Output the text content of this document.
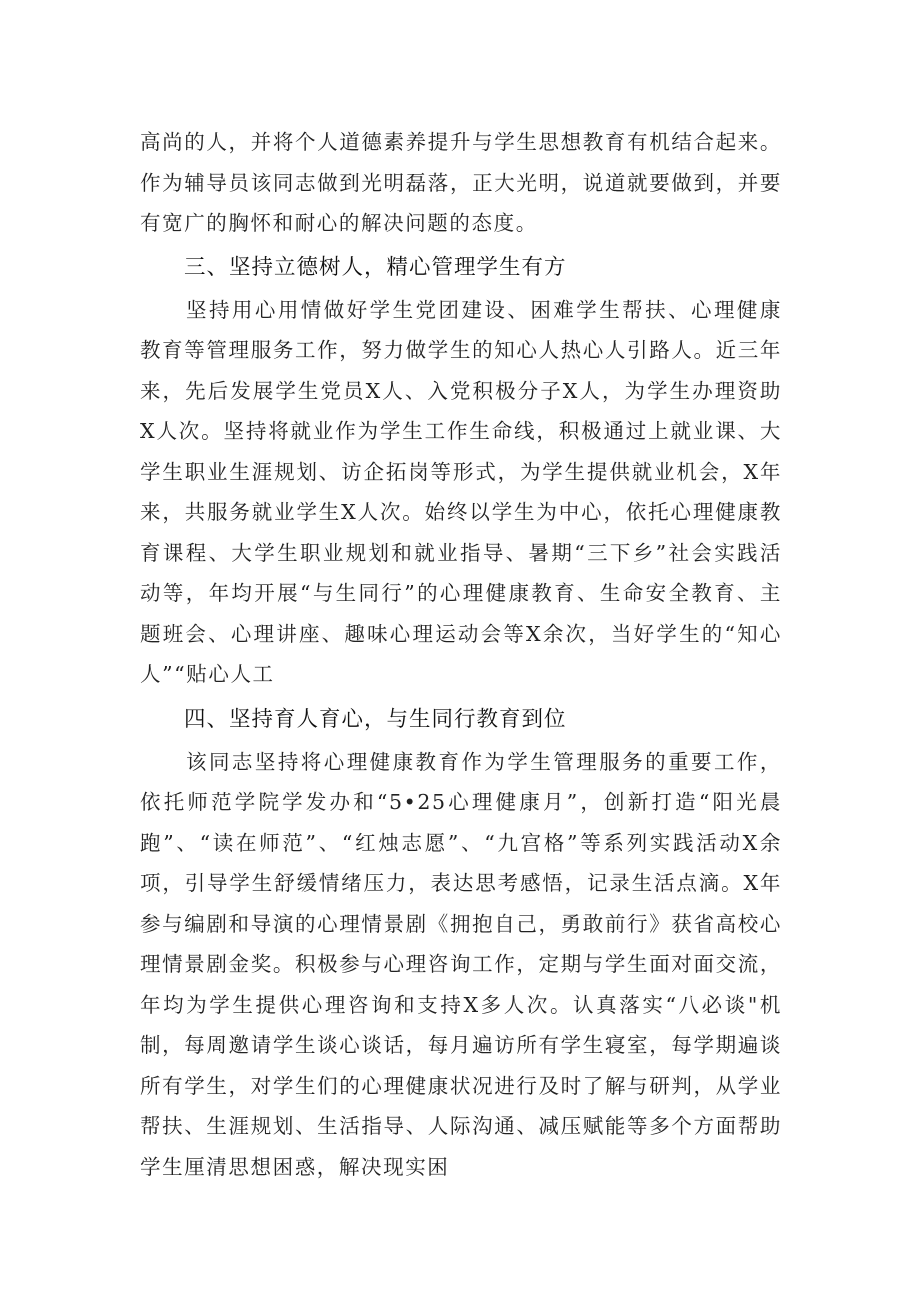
高尚的人，并将个人道德素养提升与学生思想教育有机结合起来。作为辅导员该同志做到光明磊落，正大光明，说道就要做到，并要有宽广的胸怀和耐心的解决问题的态度。

三、坚持立德树人，精心管理学生有方

坚持用心用情做好学生党团建设、困难学生帮扶、心理健康教育等管理服务工作，努力做学生的知心人热心人引路人。近三年来，先后发展学生党员X人、入党积极分子X人，为学生办理资助X人次。坚持将就业作为学生工作生命线，积极通过上就业课、大学生职业生涯规划、访企拓岗等形式，为学生提供就业机会，X年来，共服务就业学生X人次。始终以学生为中心，依托心理健康教育课程、大学生职业规划和就业指导、暑期“三下乡”社会实践活动等，年均开展“与生同行”的心理健康教育、生命安全教育、主题班会、心理讲座、趣味心理运动会等X余次，当好学生的“知心人”“贴心人工

四、坚持育人育心，与生同行教育到位

该同志坚持将心理健康教育作为学生管理服务的重要工作，依托师范学院学发办和“5•25心理健康月”，创新打造“阳光晨跑”、“读在师范”、“红烛志愿”、“九宫格”等系列实践活动X余项，引导学生舒缓情绪压力，表达思考感悟，记录生活点滴。X年参与编剧和导演的心理情景剧《拥抱自己，勇敢前行》获省高校心理情景剧金奖。积极参与心理咨询工作，定期与学生面对面交流，年均为学生提供心理咨询和支持X多人次。认真落实“八必谈"机制，每周邀请学生谈心谈话，每月遍访所有学生寝室，每学期遍谈所有学生，对学生们的心理健康状况进行及时了解与研判，从学业帮扶、生涯规划、生活指导、人际沟通、减压赋能等多个方面帮助学生厘清思想困惑，解决现实困
